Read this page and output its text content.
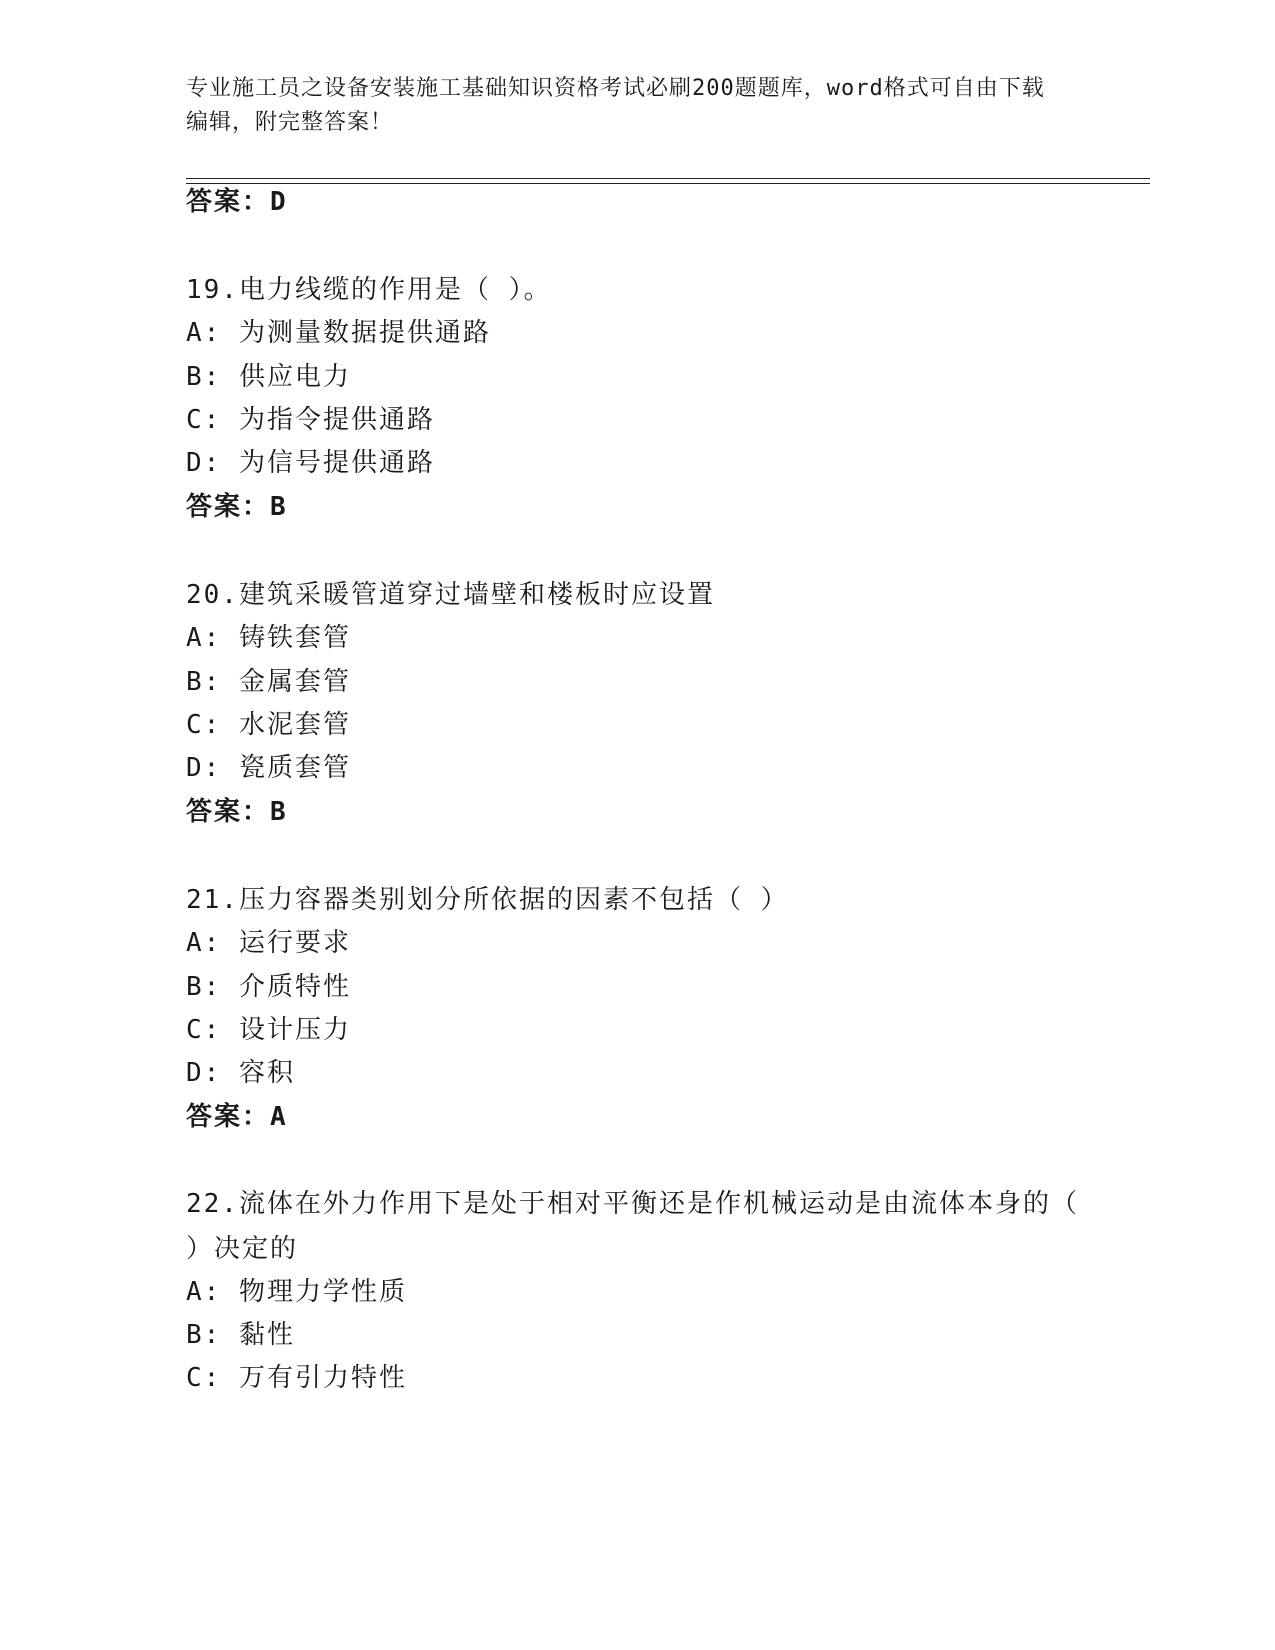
专业施工员之设备安装施工基础知识资格考试必刷200题题库，word格式可自由下载编辑，附完整答案！
答案：D
19.电力线缆的作用是（ ）。
A: 为测量数据提供通路
B: 供应电力
C: 为指令提供通路
D: 为信号提供通路
答案：B
20.建筑采暖管道穿过墙壁和楼板时应设置
A: 铸铁套管
B: 金属套管
C: 水泥套管
D: 瓷质套管
答案：B
21.压力容器类别划分所依据的因素不包括（ ）
A: 运行要求
B: 介质特性
C: 设计压力
D: 容积
答案：A
22.流体在外力作用下是处于相对平衡还是作机械运动是由流体本身的（ ）决定的
A: 物理力学性质
B: 黏性
C: 万有引力特性
